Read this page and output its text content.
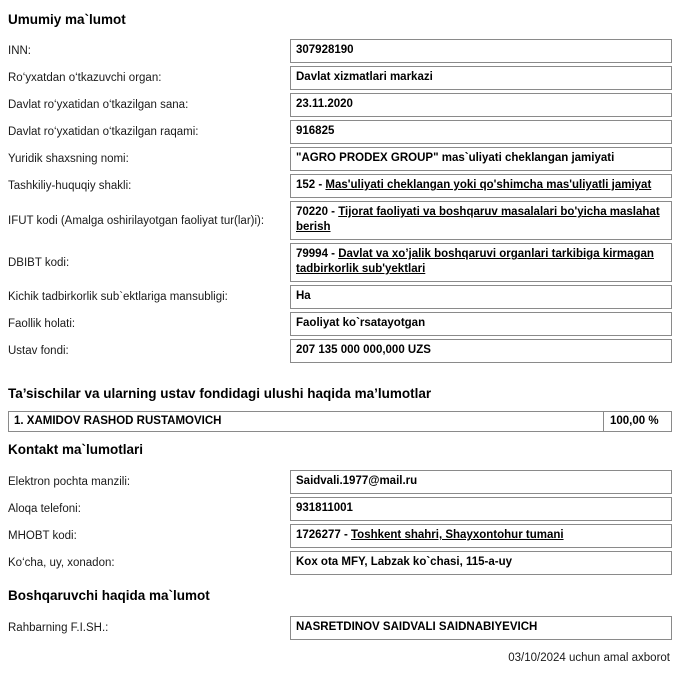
Umumiy ma`lumot
INN:	307928190

Ro‘yxatdan o‘tkazuvchi organ:	Davlat xizmatlari markazi

Davlat ro‘yxatidan o‘tkazilgan sana:	23.11.2020

Davlat ro‘yxatidan o‘tkazilgan raqami:	916825

Yuridik shaxsning nomi:	"AGRO PRODEX GROUP" mas`uliyati cheklangan jamiyati

Tashkiliy-huquqiy shakli:	152 - Mas'uliyati cheklangan yoki qo'shimcha mas'uliyatli jamiyat

IFUT kodi (Amalga oshirilayotgan faoliyat tur(lar)i):	70220 - Tijorat faoliyati va boshqaruv masalalari bo'yicha maslahat berish

DBIBT kodi:	79994 - Davlat va xo’jalik boshqaruvi organlari tarkibiga kirmagan tadbirkorlik sub'yektlari

Kichik tadbirkorlik sub`ektlariga mansubligi:	Ha

Faollik holati:	Faoliyat ko`rsatayotgan

Ustav fondi:	207 135 000 000,000 UZS
Ta’sischilar va ularning ustav fondidagi ulushi haqida ma’lumotlar
1. XAMIDOV RASHOD RUSTAMOVICH	100,00 %
Kontakt ma`lumotlari
Elektron pochta manzili:	Saidvali.1977@mail.ru

Aloqa telefoni:	931811001

MHOBT kodi:	1726277 - Toshkent shahri, Shayxontohur tumani

Ko‘cha, uy, xonadon:	Kox ota MFY, Labzak ko`chasi, 115-a-uy
Boshqaruvchi haqida ma`lumot
Rahbarning F.I.SH.:	NASRETDINOV SAIDVALI SAIDNABIYEVICH
03/10/2024 uchun amal axborot
